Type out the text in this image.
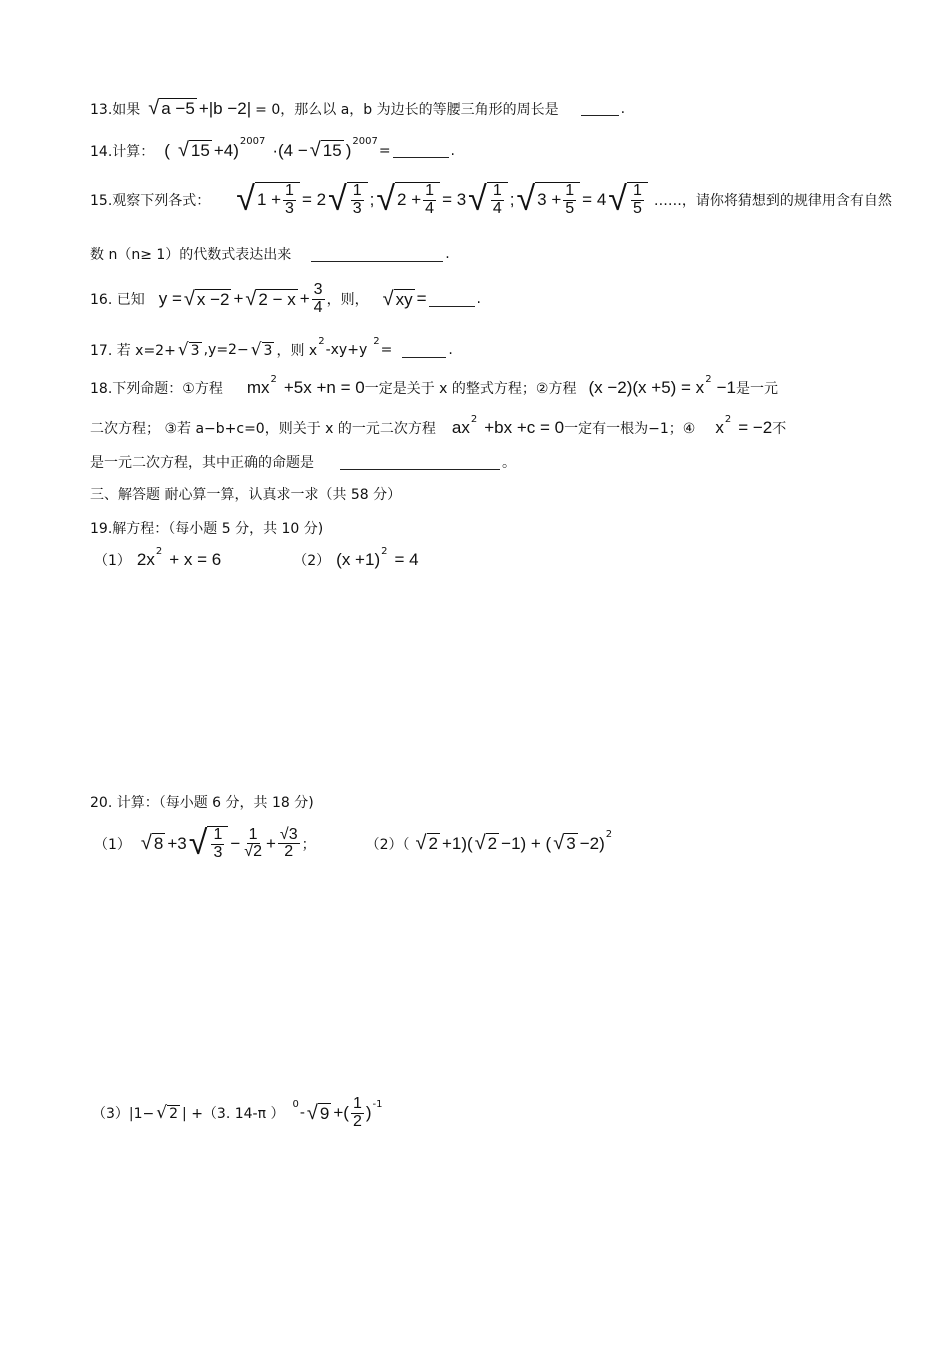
13.如果 √ a −5 + |b −2| = 0， 那么以 a，b 为边长的等腰三角形的周长是	.
14.计算： ( √ 15 +4) 2007 ·(4 − √ 15 ) 2007
=	.
15.观察下列各式： √ $1 + \frac{1}{3} = 2$ √ $\frac{1}{3}$ ; √ $2 + \frac{1}{4} = 3$ √ $\frac{1}{4}$ ; √ $3 + \frac{1}{5} = 4$ √ $\frac{1}{5}$ ……，请你将猜想到的规律用含有自然
数 n（n≥ 1）的代数式表达出来	.
16. 已知 y = √ x −2 + √ $2 - x + \frac{3}{4}$ ，则， √ xy =	.
17. 若 x=2+ √ 3 ,y=2− √ 3 ，则 x
2
-xy+y
2
=	.
18.下列命题：①方程 mx 2 +5x +n = 0 一定是关于 x 的整式方程；②方程 (x −2)(x +5) = x 2 −1 是一元
二次方程； ③若 a−b+c=0，则关于 x 的一元二次方程 ax 2 +bx +c = 0 一定有一根为−1；④ x 2 = −2 不
是一元二次方程，其中正确的命题是	。
三、解答题 耐心算一算，认真求一求（共 58 分）
19.解方程：（每小题 5 分，共 10 分)
（1） 2x 2 + x = 6	（2） (x +1) 2 = 4
20. 计算：（每小题 6 分，共 18 分)
（1） √ 8 +3 √ $\frac{1}{3} - \frac{1}{√2} + \frac{√3}{2}$ ；	（2）（ √ 2 +1)( √ 2 −1) + ( √ 3 −2) 2
（3）|1− √ 2 | +（3. 14-π ）
0
- √ 9 +( $\frac{1}{2}$ ) -1
